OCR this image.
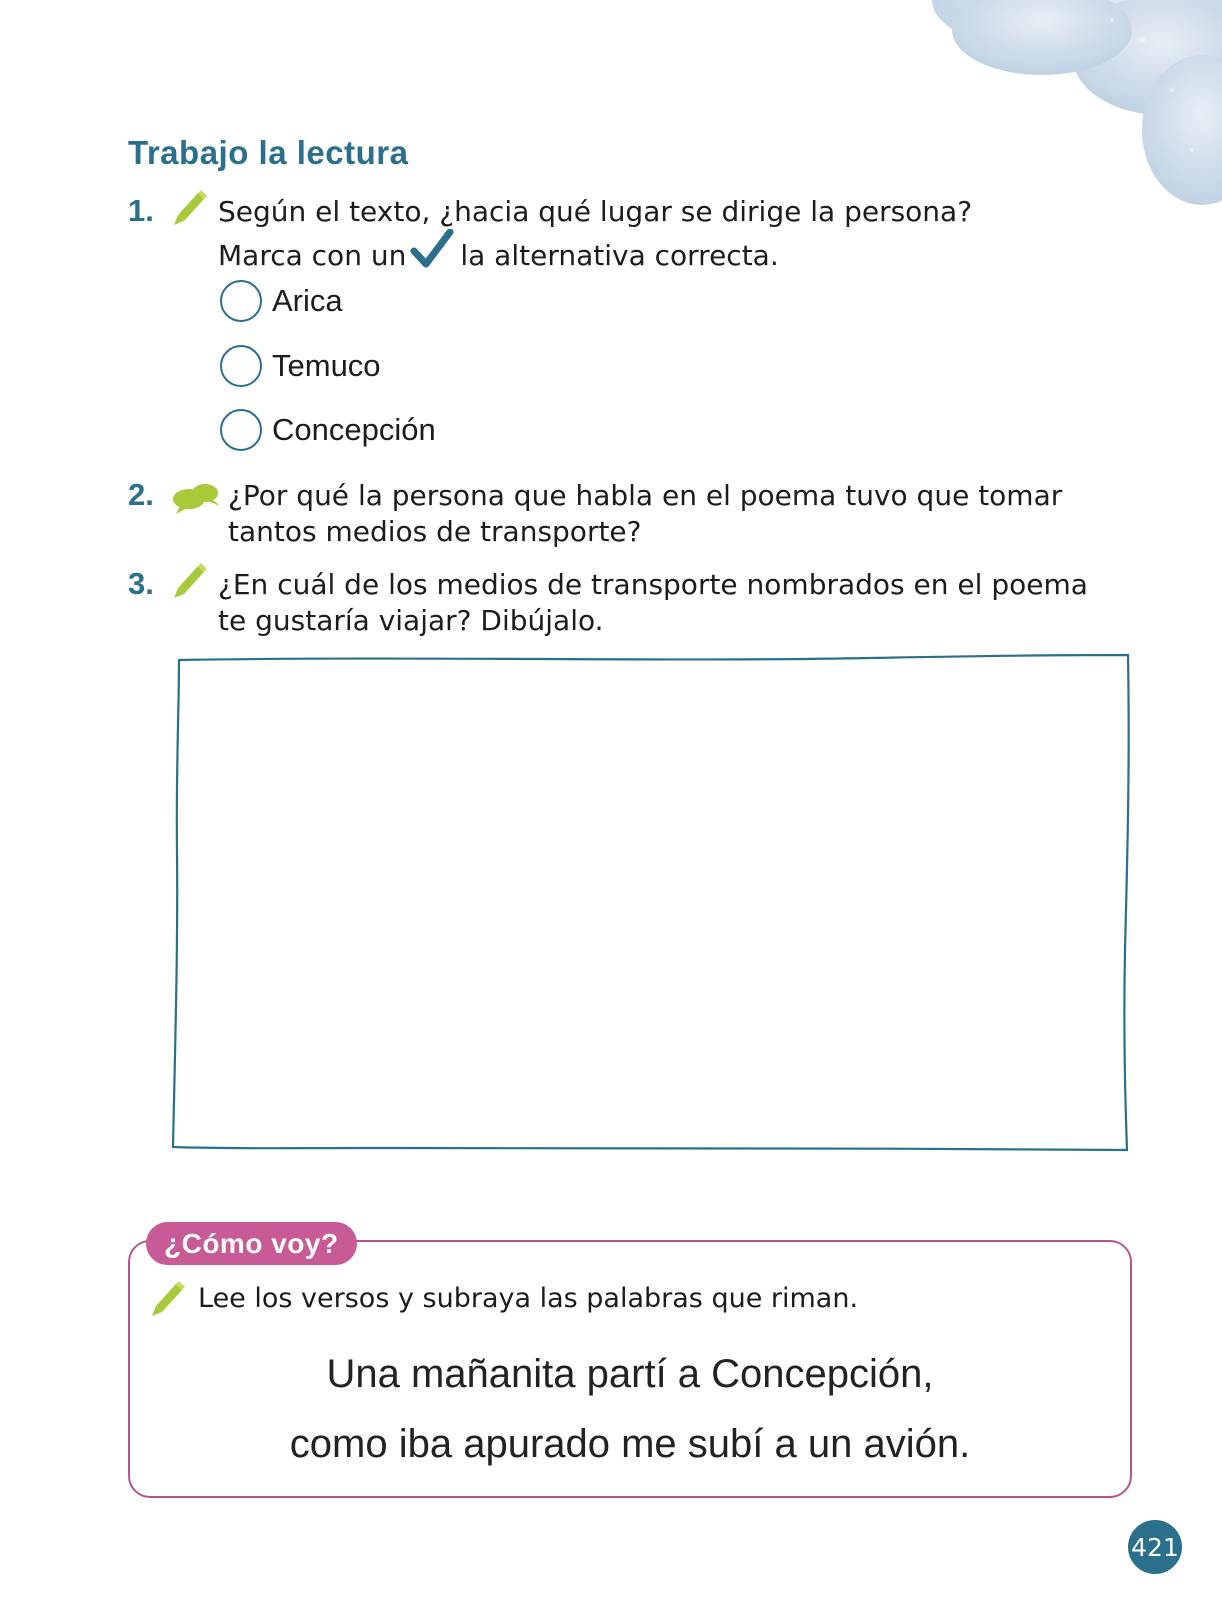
Trabajo la lectura
1. Según el texto, ¿hacia qué lugar se dirige la persona?
Marca con un la alternativa correcta.
Arica
Temuco
Concepción
2.	¿Por qué la persona que habla en el poema tuvo que tomar
tantos medios de transporte?
3. ¿En cuál de los medios de transporte nombrados en el poema
te gustaría viajar? Dibújalo.
¿Cómo voy?
Lee los versos y subraya las palabras que riman.
Una mañanita partí a Concepción,
como iba apurado me subí a un avión.
421
